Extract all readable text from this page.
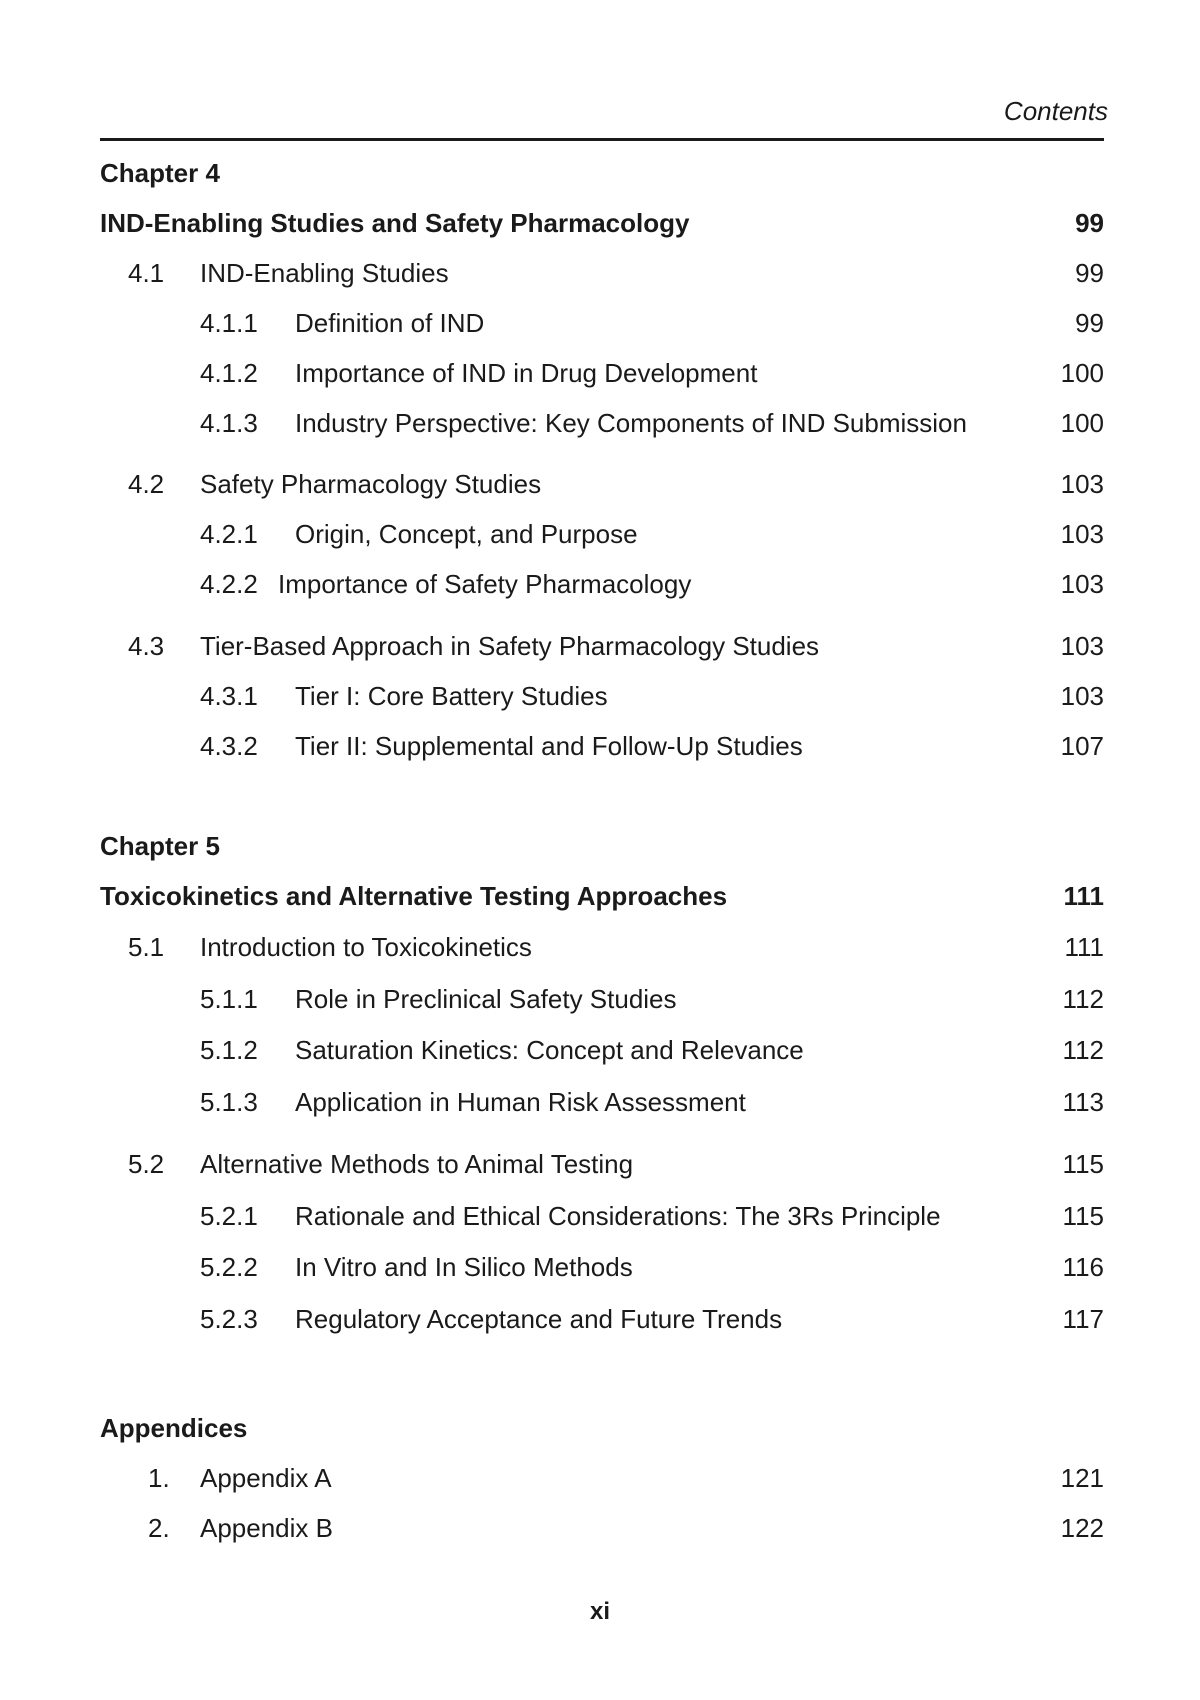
Contents
Chapter 4
IND-Enabling Studies and Safety Pharmacology	99
4.1 IND-Enabling Studies	99
4.1.1 Definition of IND	99
4.1.2 Importance of IND in Drug Development	100
4.1.3 Industry Perspective: Key Components of IND Submission	100
4.2 Safety Pharmacology Studies	103
4.2.1 Origin, Concept, and Purpose	103
4.2.2 Importance of Safety Pharmacology	103
4.3 Tier-Based Approach in Safety Pharmacology Studies	103
4.3.1 Tier I: Core Battery Studies	103
4.3.2 Tier II: Supplemental and Follow-Up Studies	107
Chapter 5
Toxicokinetics and Alternative Testing Approaches	111
5.1 Introduction to Toxicokinetics	111
5.1.1 Role in Preclinical Safety Studies	112
5.1.2 Saturation Kinetics: Concept and Relevance	112
5.1.3 Application in Human Risk Assessment	113
5.2 Alternative Methods to Animal Testing	115
5.2.1 Rationale and Ethical Considerations: The 3Rs Principle	115
5.2.2 In Vitro and In Silico Methods	116
5.2.3 Regulatory Acceptance and Future Trends	117
Appendices
1. Appendix A	121
2. Appendix B	122
xi
